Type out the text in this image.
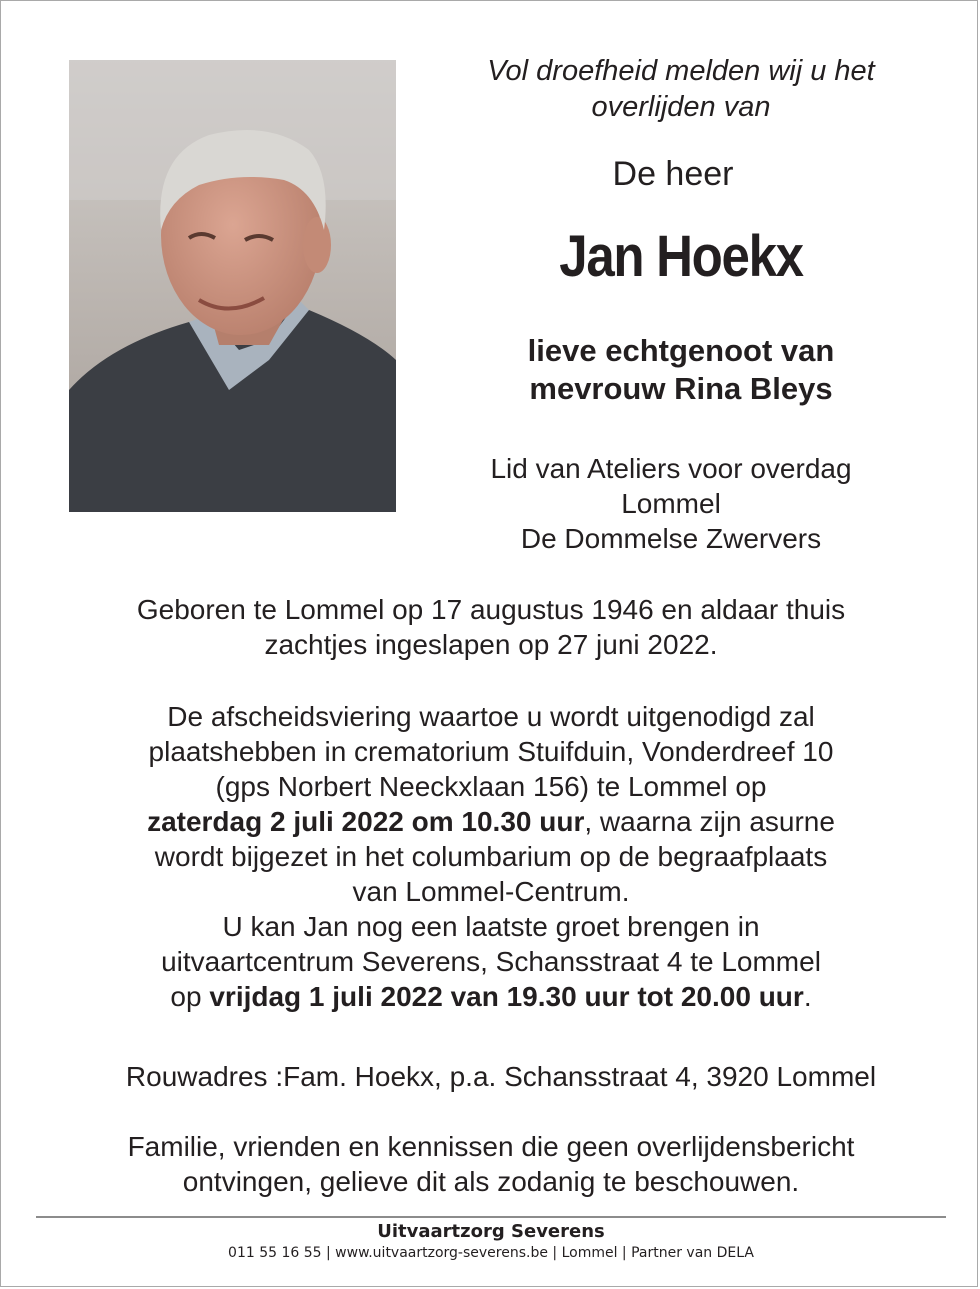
Vol droefheid melden wij u het
overlijden van
De heer
Jan Hoekx
lieve echtgenoot van
mevrouw Rina Bleys
Lid van Ateliers voor overdag
Lommel
De Dommelse Zwervers
Geboren te Lommel op 17 augustus 1946 en aldaar thuis
zachtjes ingeslapen op 27 juni 2022.
De afscheidsviering waartoe u wordt uitgenodigd zal
plaatshebben in crematorium Stuifduin, Vonderdreef 10
(gps Norbert Neeckxlaan 156) te Lommel op
zaterdag 2 juli 2022 om 10.30 uur, waarna zijn asurne
wordt bijgezet in het columbarium op de begraafplaats
van Lommel-Centrum.
U kan Jan nog een laatste groet brengen in
uitvaartcentrum Severens, Schansstraat 4 te Lommel
op vrijdag 1 juli 2022 van 19.30 uur tot 20.00 uur.
Rouwadres :Fam. Hoekx, p.a. Schansstraat 4, 3920 Lommel
Familie, vrienden en kennissen die geen overlijdensbericht
ontvingen, gelieve dit als zodanig te beschouwen.
Uitvaartzorg Severens
011 55 16 55 | www.uitvaartzorg-severens.be | Lommel | Partner van DELA
